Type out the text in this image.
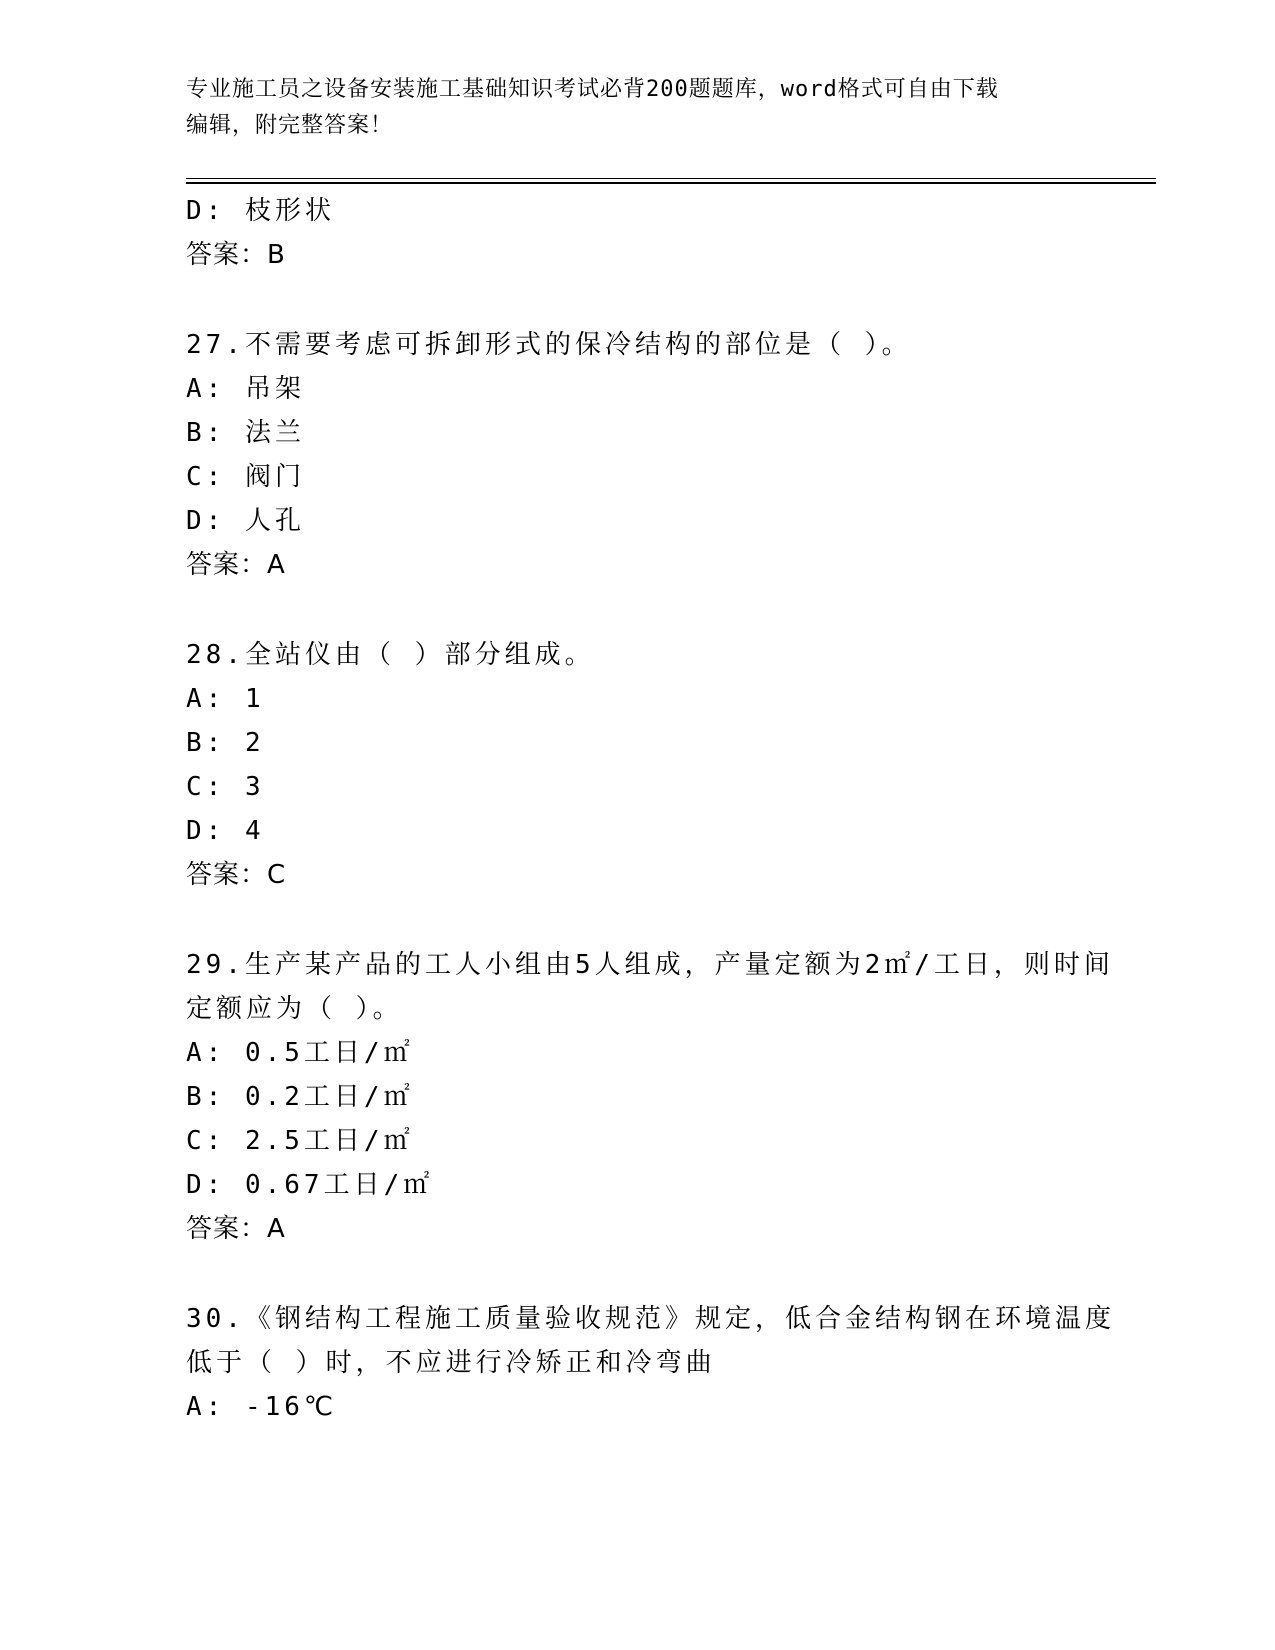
专业施工员之设备安装施工基础知识考试必背200题题库，word格式可自由下载
编辑，附完整答案！
D: 枝形状
答案：B
27.不需要考虑可拆卸形式的保冷结构的部位是（ ）。
A: 吊架
B: 法兰
C: 阀门
D: 人孔
答案：A
28.全站仪由（ ）部分组成。
A: 1
B: 2
C: 3
D: 4
答案：C
29.生产某产品的工人小组由5人组成，产量定额为2㎡/工日，则时间
定额应为（ ）。
A: 0.5工日/㎡
B: 0.2工日/㎡
C: 2.5工日/㎡
D: 0.67工日/㎡
答案：A
30.《钢结构工程施工质量验收规范》规定，低合金结构钢在环境温度
低于（ ）时，不应进行冷矫正和冷弯曲
A: -16℃
